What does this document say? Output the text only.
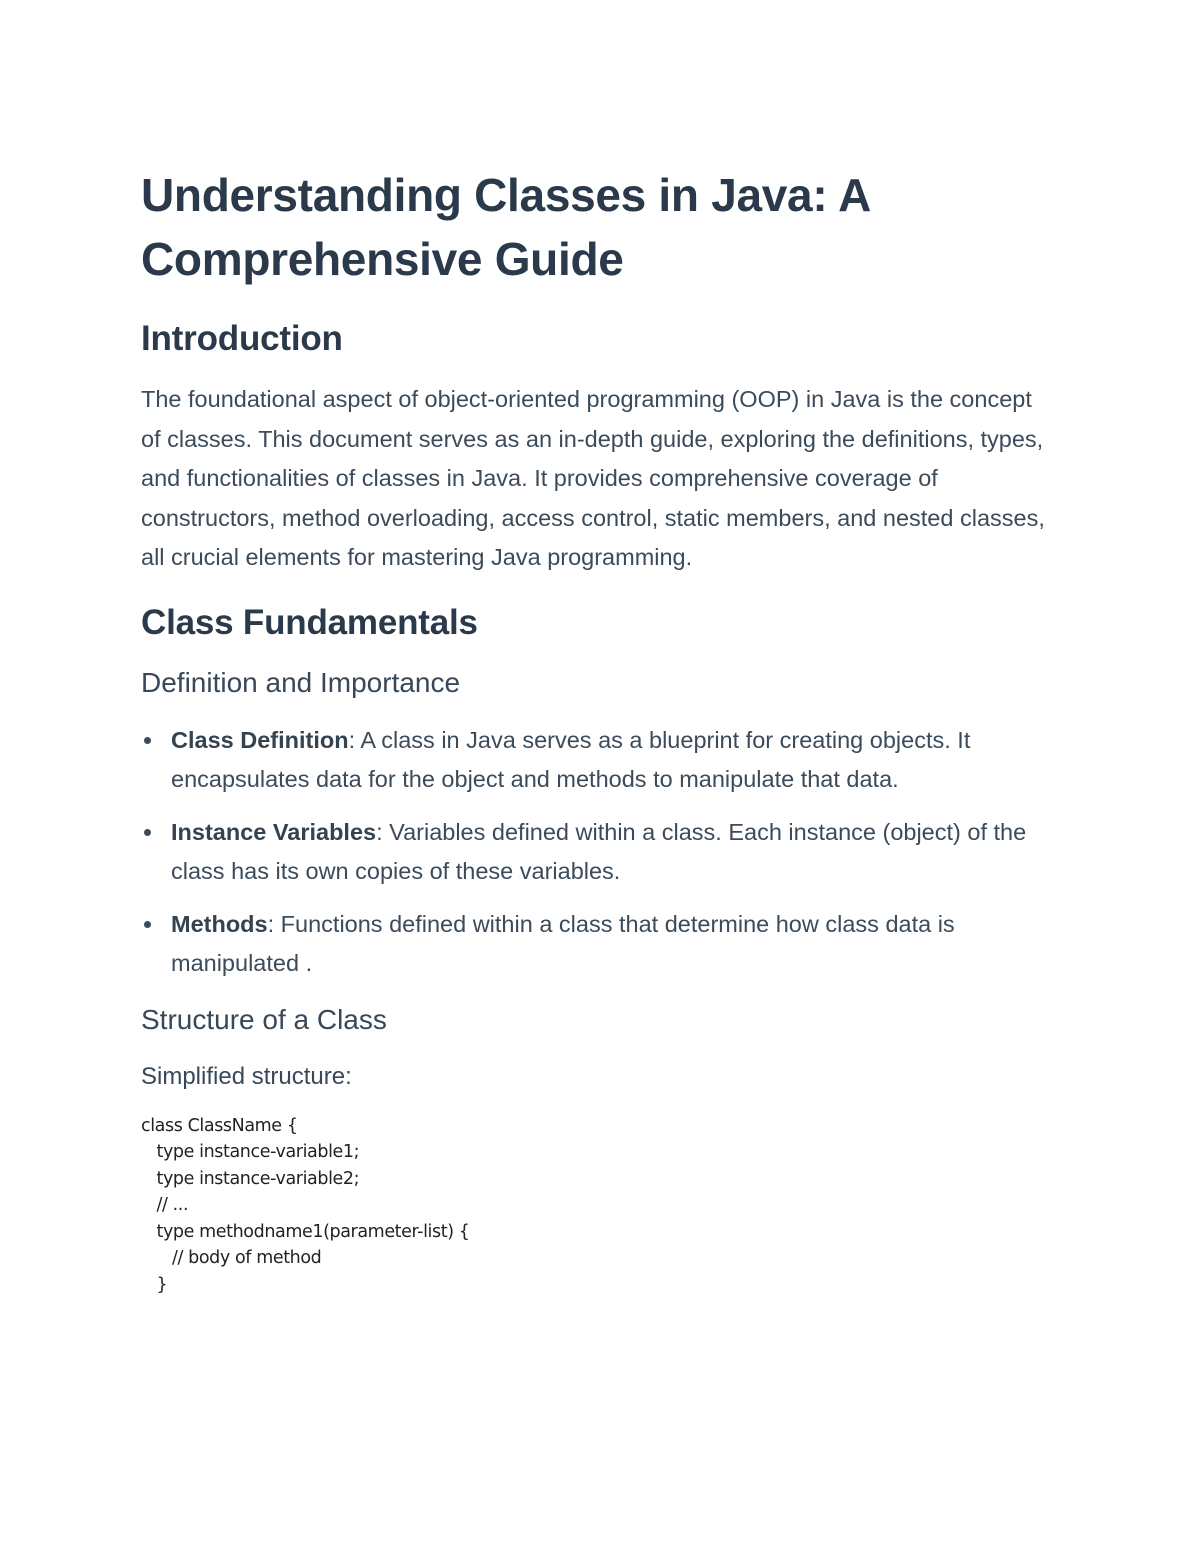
Understanding Classes in Java: A
Comprehensive Guide
Introduction

The foundational aspect of object-oriented programming (OOP) in Java is the concept of classes. This document serves as an in-depth guide, exploring the definitions, types, and functionalities of classes in Java. It provides comprehensive coverage of constructors, method overloading, access control, static members, and nested classes, all crucial elements for mastering Java programming.

Class Fundamentals
Definition and Importance
Class Definition: A class in Java serves as a blueprint for creating objects. It encapsulates data for the object and methods to manipulate that data.
Instance Variables: Variables defined within a class. Each instance (object) of the class has its own copies of these variables.
Methods: Functions defined within a class that determine how class data is manipulated .
Structure of a Class
Simplified structure:
class ClassName {
type instance-variable1;
type instance-variable2;
// ...
type methodname1(parameter-list) {
// body of method
}
